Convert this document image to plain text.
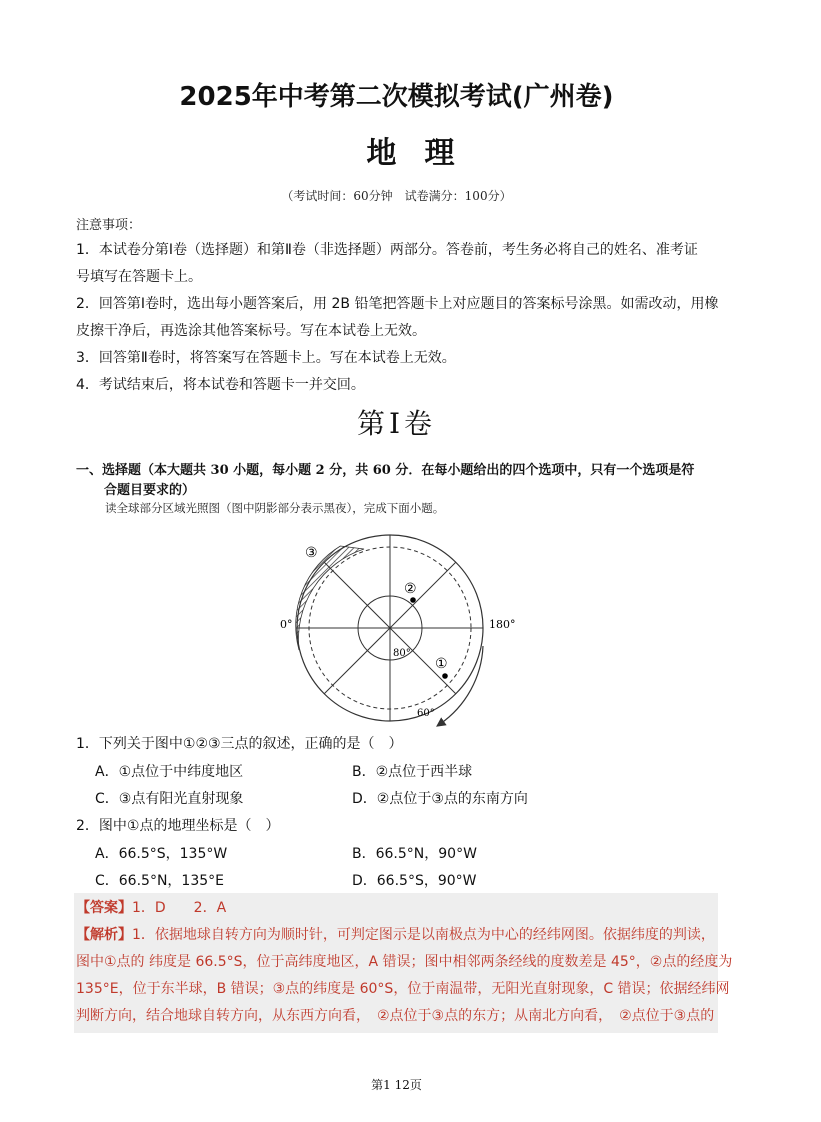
2025年中考第二次模拟考试(广州卷)
地理
（考试时间：60分钟　试卷满分：100分）
注意事项：
1．本试卷分第Ⅰ卷（选择题）和第Ⅱ卷（非选择题）两部分。答卷前，考生务必将自己的姓名、准考证
号填写在答题卡上。
2．回答第Ⅰ卷时，选出每小题答案后，用 2B 铅笔把答题卡上对应题目的答案标号涂黑。如需改动，用橡
皮擦干净后，再选涂其他答案标号。写在本试卷上无效。
3．回答第Ⅱ卷时，将答案写在答题卡上。写在本试卷上无效。
4．考试结束后，将本试卷和答题卡一并交回。
第Ⅰ卷
一、选择题（本大题共 30 小题，每小题 2 分，共 60 分．在每小题给出的四个选项中，只有一个选项是符
合题目要求的）
读全球部分区域光照图（图中阴影部分表示黑夜），完成下面小题。
0°	180°
80°
60°
②
①
③
1．下列关于图中①②③三点的叙述，正确的是（　）
A．①点位于中纬度地区	B．②点位于西半球
C．③点有阳光直射现象	D．②点位于③点的东南方向
2．图中①点的地理坐标是（　）
A．66.5°S，135°W	B．66.5°N，90°W
C．66.5°N，135°E	D．66.5°S，90°W
【答案】1．D　　2．A
【解析】1．依据地球自转方向为顺时针，可判定图示是以南极点为中心的经纬网图。依据纬度的判读，
图中①点的 纬度是 66.5°S，位于高纬度地区，A 错误；图中相邻两条经线的度数差是 45°，②点的经度为
135°E，位于东半球，B 错误；③点的纬度是 60°S，位于南温带，无阳光直射现象，C 错误；依据经纬网
判断方向，结合地球自转方向，从东西方向看，　②点位于③点的东方；从南北方向看，　②点位于③点的
第1 12页
